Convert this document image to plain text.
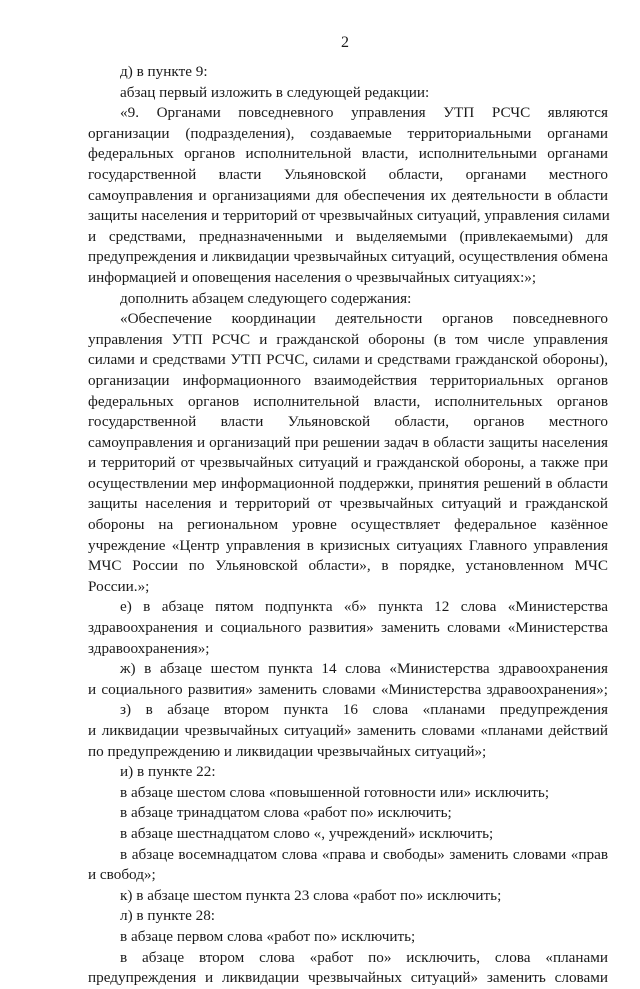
2
д) в пункте 9:
абзац первый изложить в следующей редакции:
«9. Органами повседневного управления УТП РСЧС являются
организации (подразделения), создаваемые территориальными органами
федеральных органов исполнительной власти, исполнительными органами
государственной власти Ульяновской области, органами местного
самоуправления и организациями для обеспечения их деятельности в области
защиты населения и территорий от чрезвычайных ситуаций, управления силами
и средствами, предназначенными и выделяемыми (привлекаемыми) для
предупреждения и ликвидации чрезвычайных ситуаций, осуществления обмена
информацией и оповещения населения о чрезвычайных ситуациях:»;
дополнить абзацем следующего содержания:
«Обеспечение координации деятельности органов повседневного
управления УТП РСЧС и гражданской обороны (в том числе управления
силами и средствами УТП РСЧС, силами и средствами гражданской обороны),
организации информационного взаимодействия территориальных органов
федеральных органов исполнительной власти, исполнительных органов
государственной власти Ульяновской области, органов местного
самоуправления и организаций при решении задач в области защиты населения
и территорий от чрезвычайных ситуаций и гражданской обороны, а также при
осуществлении мер информационной поддержки, принятия решений в области
защиты населения и территорий от чрезвычайных ситуаций и гражданской
обороны на региональном уровне осуществляет федеральное казённое
учреждение «Центр управления в кризисных ситуациях Главного управления
МЧС России по Ульяновской области», в порядке, установленном МЧС
России.»;
е) в абзаце пятом подпункта «б» пункта 12 слова «Министерства
здравоохранения и социального развития» заменить словами «Министерства
здравоохранения»;
ж) в абзаце шестом пункта 14 слова «Министерства здравоохранения
и социального развития» заменить словами «Министерства здравоохранения»;
з) в абзаце втором пункта 16 слова «планами предупреждения
и ликвидации чрезвычайных ситуаций» заменить словами «планами действий
по предупреждению и ликвидации чрезвычайных ситуаций»;
и) в пункте 22:
в абзаце шестом слова «повышенной готовности или» исключить;
в абзаце тринадцатом слова «работ по» исключить;
в абзаце шестнадцатом слово «, учреждений» исключить;
в абзаце восемнадцатом слова «права и свободы» заменить словами «прав
и свобод»;
к) в абзаце шестом пункта 23 слова «работ по» исключить;
л) в пункте 28:
в абзаце первом слова «работ по» исключить;
в абзаце втором слова «работ по» исключить, слова «планами
предупреждения и ликвидации чрезвычайных ситуаций» заменить словами
